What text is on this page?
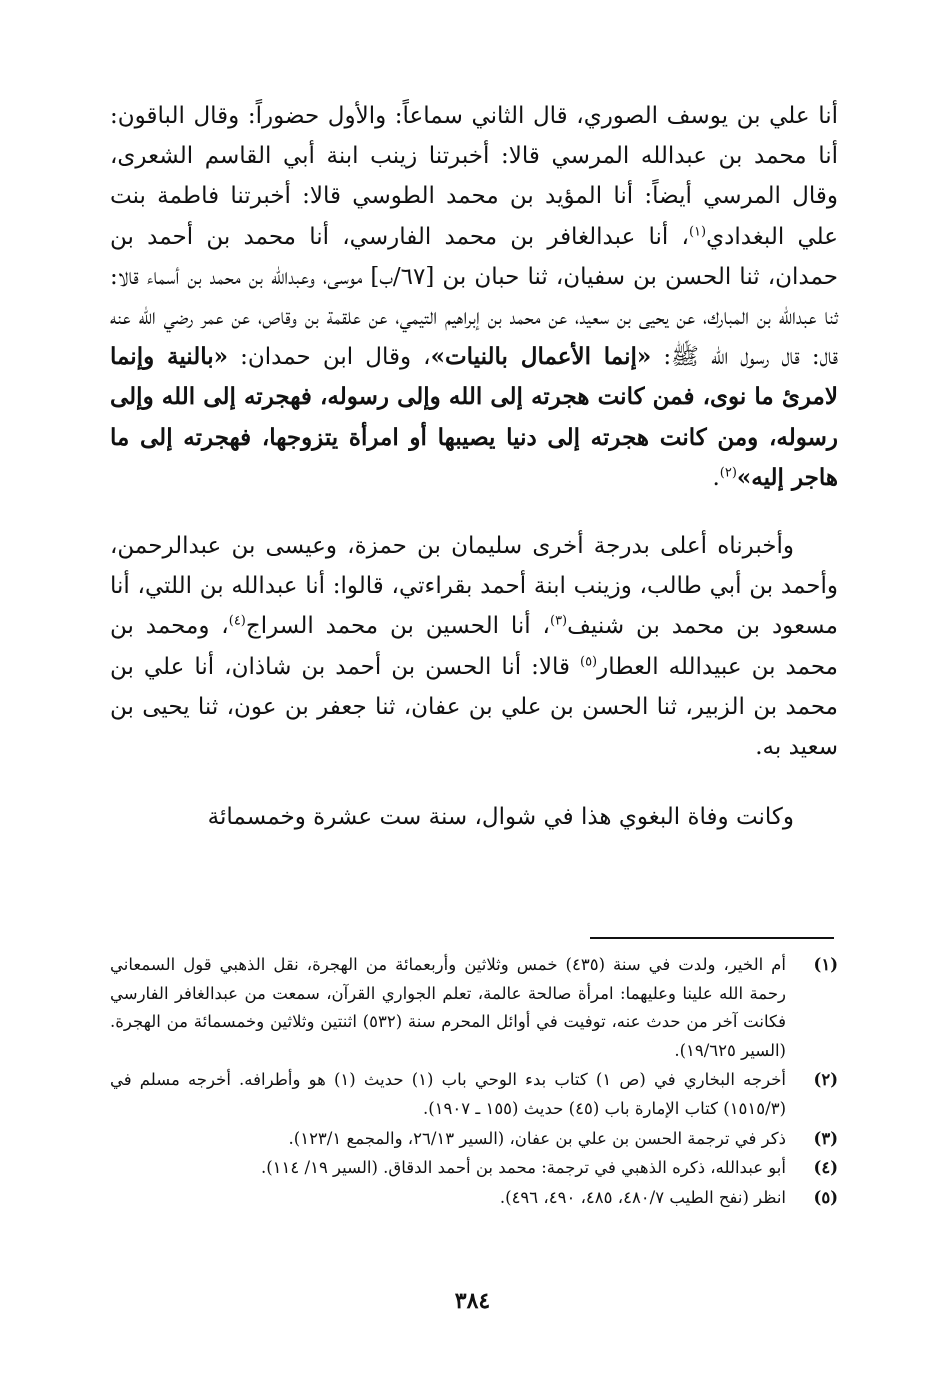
أنا علي بن يوسف الصوري، قال الثاني سماعاً: والأول حضوراً: وقال الباقون: أنا محمد بن عبدالله المرسي قالا: أخبرتنا زينب ابنة أبي القاسم الشعرى، وقال المرسي أيضاً: أنا المؤيد بن محمد الطوسي قالا: أخبرتنا فاطمة بنت علي البغدادي$^{(١)}$، أنا عبدالغافر بن محمد الفارسي، أنا محمد بن أحمد بن حمدان، ثنا الحسن بن سفيان، ثنا حبان بن [٦٧/ب] موسى، وعبدالله بن محمد بن أسماء قالا: ثنا عبدالله بن المبارك، عن يحيى بن سعيد، عن محمد بن إبراهيم التيمي، عن علقمة بن وقاص، عن عمر رضي الله عنه قال: قال رسول الله ﷺ: «إنما الأعمال بالنيات»، وقال ابن حمدان: «بالنية وإنما لامرئ ما نوى، فمن كانت هجرته إلى الله وإلى رسوله، فهجرته إلى الله وإلى رسوله، ومن كانت هجرته إلى دنيا يصيبها أو امرأة يتزوجها، فهجرته إلى ما هاجر إليه»$^{(٢)}$.

وأخبرناه أعلى بدرجة أخرى سليمان بن حمزة، وعيسى بن عبدالرحمن، وأحمد بن أبي طالب، وزينب ابنة أحمد بقراءتي، قالوا: أنا عبدالله بن اللتي، أنا مسعود بن محمد بن شنيف$^{(٣)}$، أنا الحسين بن محمد السراج$^{(٤)}$، ومحمد بن محمد بن عبيدالله العطار$^{(٥)}$ قالا: أنا الحسن بن أحمد بن شاذان، أنا علي بن محمد بن الزبير، ثنا الحسن بن علي بن عفان، ثنا جعفر بن عون، ثنا يحيى بن سعيد به.

وكانت وفاة البغوي هذا في شوال، سنة ست عشرة وخمسمائة

(١)
أم الخير، ولدت في سنة (٤٣٥) خمس وثلاثين وأربعمائة من الهجرة، نقل الذهبي قول السمعاني رحمة الله علينا وعليهما: امرأة صالحة عالمة، تعلم الجواري القرآن، سمعت من عبدالغافر الفارسي فكانت آخر من حدث عنه، توفيت في أوائل المحرم سنة (٥٣٢) اثنتين وثلاثين وخمسمائة من الهجرة. (السير ١٩/٦٢٥).
(٢)
أخرجه البخاري في (ص ١) كتاب بدء الوحي باب (١) حديث (١) هو وأطرافه. أخرجه مسلم في (١٥١٥/٣) كتاب الإمارة باب (٤٥) حديث (١٥٥ ـ ١٩٠٧).
(٣)
ذكر في ترجمة الحسن بن علي بن عفان، (السير ٢٦/١٣، والمجمع ١٢٣/١).
(٤)
أبو عبدالله، ذكره الذهبي في ترجمة: محمد بن أحمد الدقاق. (السير ١٩/ ١١٤).
(٥)
انظر (نفح الطيب ٤٨٠/٧، ٤٨٥، ٤٩٠، ٤٩٦).
٣٨٤
